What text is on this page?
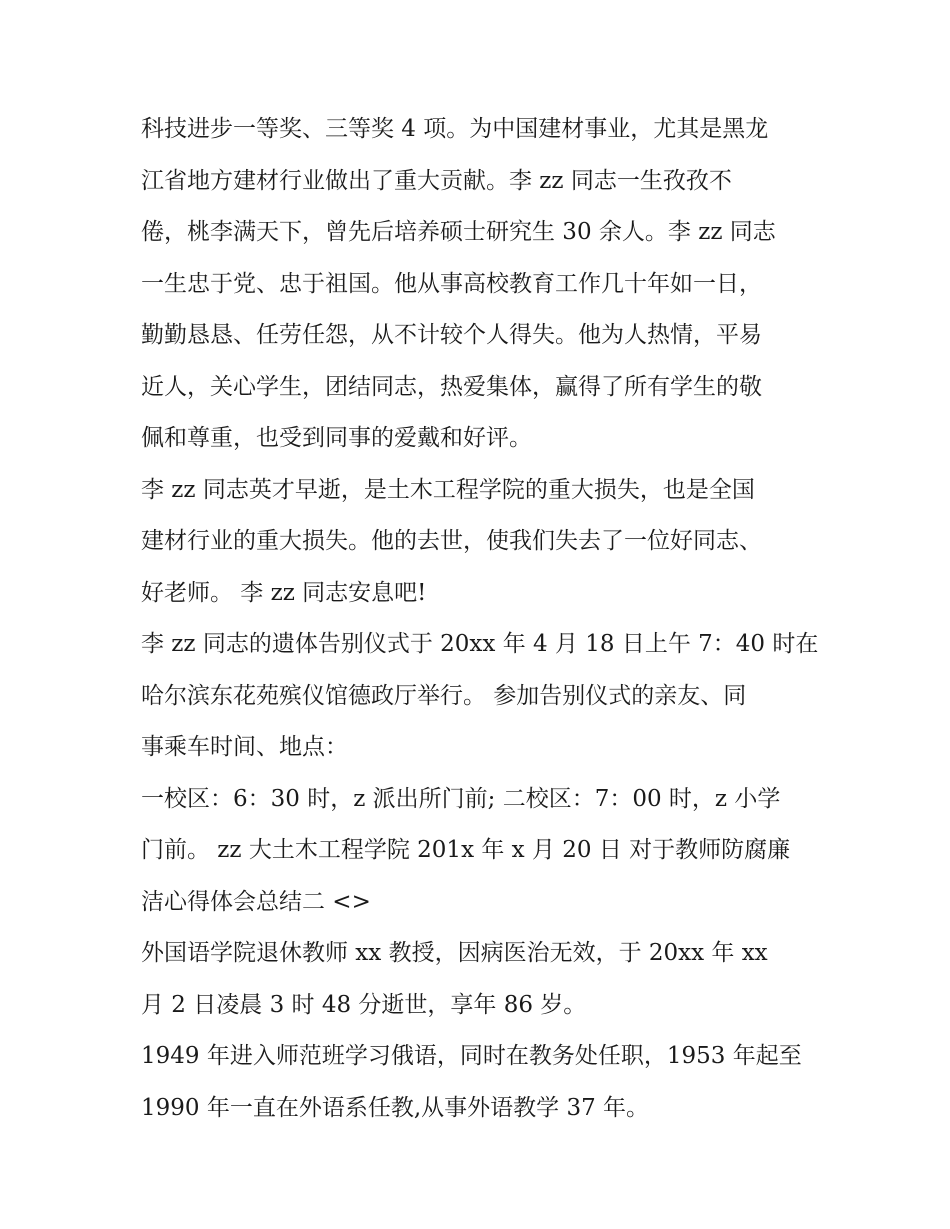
科技进步一等奖、三等奖 4 项。为中国建材事业，尤其是黑龙
江省地方建材行业做出了重大贡献。李 zz 同志一生孜孜不
倦，桃李满天下，曾先后培养硕士研究生 30 余人。李 zz 同志
一生忠于党、忠于祖国。他从事高校教育工作几十年如一日，
勤勤恳恳、任劳任怨，从不计较个人得失。他为人热情，平易
近人，关心学生，团结同志，热爱集体，赢得了所有学生的敬
佩和尊重，也受到同事的爱戴和好评。
李 zz 同志英才早逝，是土木工程学院的重大损失，也是全国
建材行业的重大损失。他的去世，使我们失去了一位好同志、
好老师。 李 zz 同志安息吧!
李 zz 同志的遗体告别仪式于 20xx 年 4 月 18 日上午 7：40 时在
哈尔滨东花苑殡仪馆德政厅举行。 参加告别仪式的亲友、同
事乘车时间、地点：
一校区：6：30 时，z 派出所门前; 二校区：7：00 时，z 小学
门前。 zz 大土木工程学院 201x 年 x 月 20 日 对于教师防腐廉
洁心得体会总结二 <>
外国语学院退休教师 xx 教授，因病医治无效，于 20xx 年 xx
月 2 日凌晨 3 时 48 分逝世，享年 86 岁。
1949 年进入师范班学习俄语，同时在教务处任职，1953 年起至
1990 年一直在外语系任教,从事外语教学 37 年。
